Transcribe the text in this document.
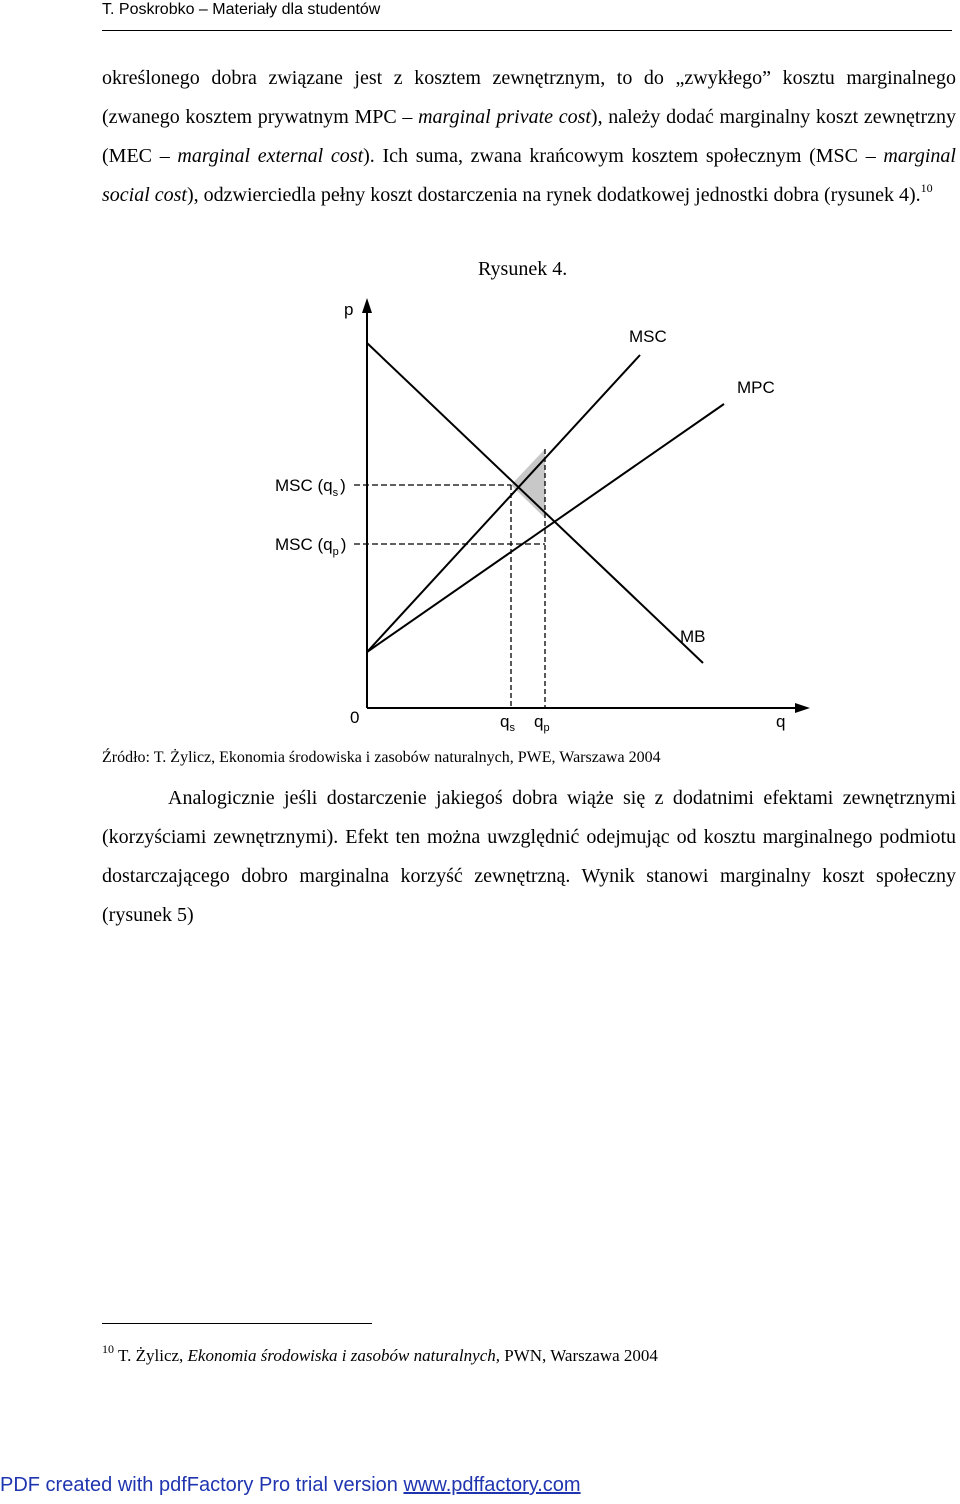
T. Poskrobko – Materiały dla studentów

określonego dobra związane jest z kosztem zewnętrznym, to do „zwykłego” kosztu marginalnego (zwanego kosztem prywatnym MPC – marginal private cost), należy dodać marginalny koszt zewnętrzny (MEC – marginal external cost). Ich suma, zwana krańcowym kosztem społecznym (MSC – marginal social cost), odzwierciedla pełny koszt dostarczenia na rynek dodatkowej jednostki dobra (rysunek 4).$^{10}$

Rysunek 4.
p
MSC
MPC
MB
MSC ($q_s$ )
MSC ($q_p$ )
0	$q_s$ $q_p$	q
Źródło: T. Żylicz, Ekonomia środowiska i zasobów naturalnych, PWE, Warszawa 2004

Analogicznie jeśli dostarczenie jakiegoś dobra wiąże się z dodatnimi efektami zewnętrznymi (korzyściami zewnętrznymi). Efekt ten można uwzględnić odejmując od kosztu marginalnego podmiotu dostarczającego dobro marginalna korzyść zewnętrzną. Wynik stanowi marginalny koszt społeczny (rysunek 5)

$^{10}$ T. Żylicz, Ekonomia środowiska i zasobów naturalnych, PWN, Warszawa 2004
PDF created with pdfFactory Pro trial version www.pdffactory.com
